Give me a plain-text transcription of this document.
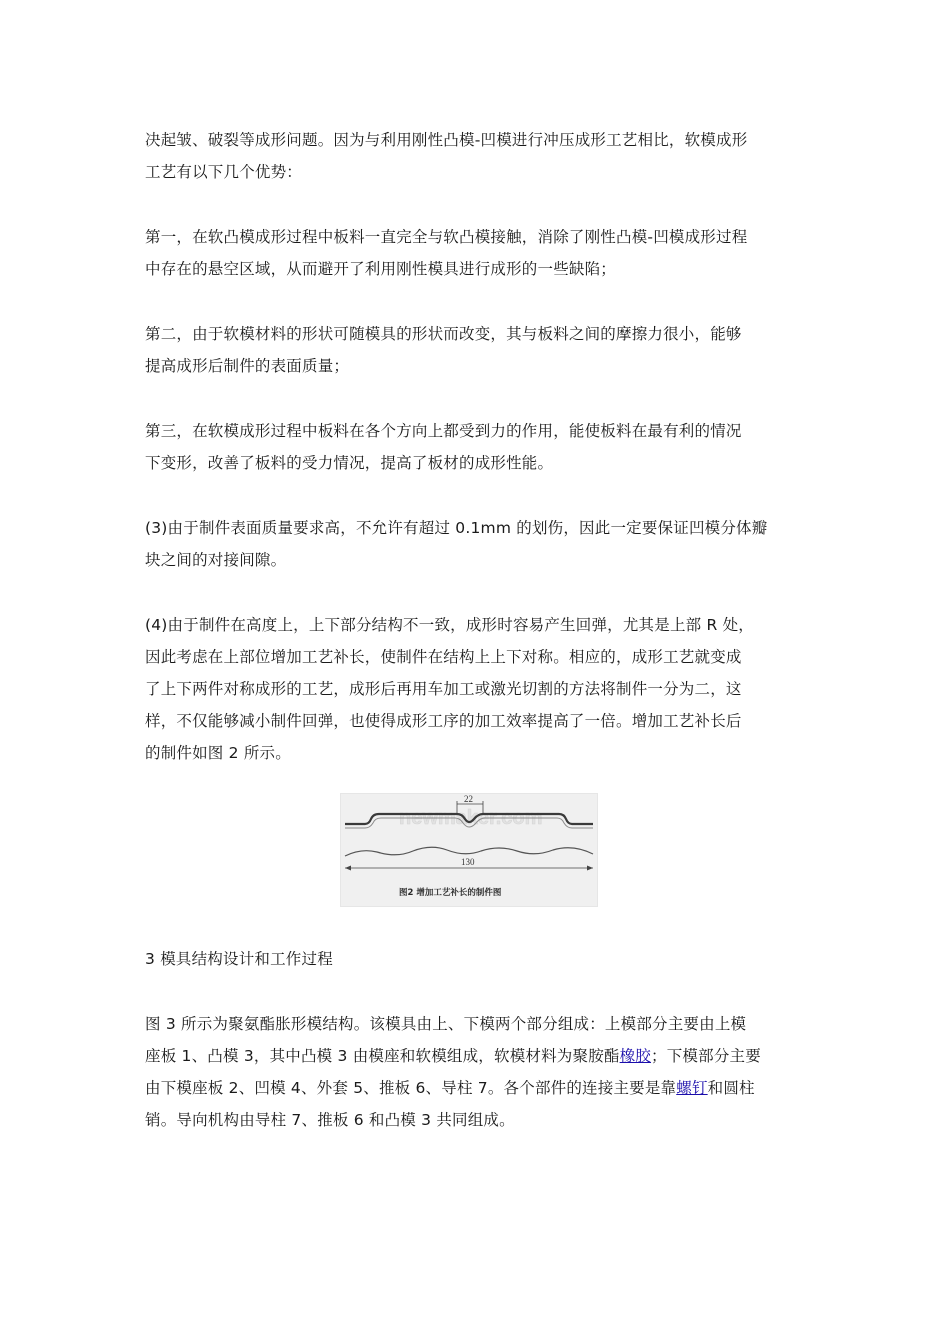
决起皱、破裂等成形问题。因为与利用刚性凸模-凹模进行冲压成形工艺相比，软模成形
工艺有以下几个优势：

第一，在软凸模成形过程中板料一直完全与软凸模接触，消除了刚性凸模-凹模成形过程
中存在的悬空区域，从而避开了利用刚性模具进行成形的一些缺陷；

第二，由于软模材料的形状可随模具的形状而改变，其与板料之间的摩擦力很小，能够
提高成形后制件的表面质量；

第三，在软模成形过程中板料在各个方向上都受到力的作用，能使板料在最有利的情况
下变形，改善了板料的受力情况，提高了板材的成形性能。

(3)由于制件表面质量要求高，不允许有超过 0.1mm 的划伤，因此一定要保证凹模分体瓣
块之间的对接间隙。

(4)由于制件在高度上，上下部分结构不一致，成形时容易产生回弹，尤其是上部 R 处，
因此考虑在上部位增加工艺补长，使制件在结构上上下对称。相应的，成形工艺就变成
了上下两件对称成形的工艺，成形后再用车加工或激光切割的方法将制件一分为二，这
样，不仅能够减小制件回弹，也使得成形工序的加工效率提高了一倍。增加工艺补长后
的制件如图 2 所示。

newmaker.com
22
130
图2 增加工艺补长的制件图

3 模具结构设计和工作过程

图 3 所示为聚氨酯胀形模结构。该模具由上、下模两个部分组成：上模部分主要由上模
座板 1、凸模 3，其中凸模 3 由模座和软模组成，软模材料为聚胺酯橡胶；下模部分主要
由下模座板 2、凹模 4、外套 5、推板 6、导柱 7。各个部件的连接主要是靠螺钉和圆柱
销。导向机构由导柱 7、推板 6 和凸模 3 共同组成。
